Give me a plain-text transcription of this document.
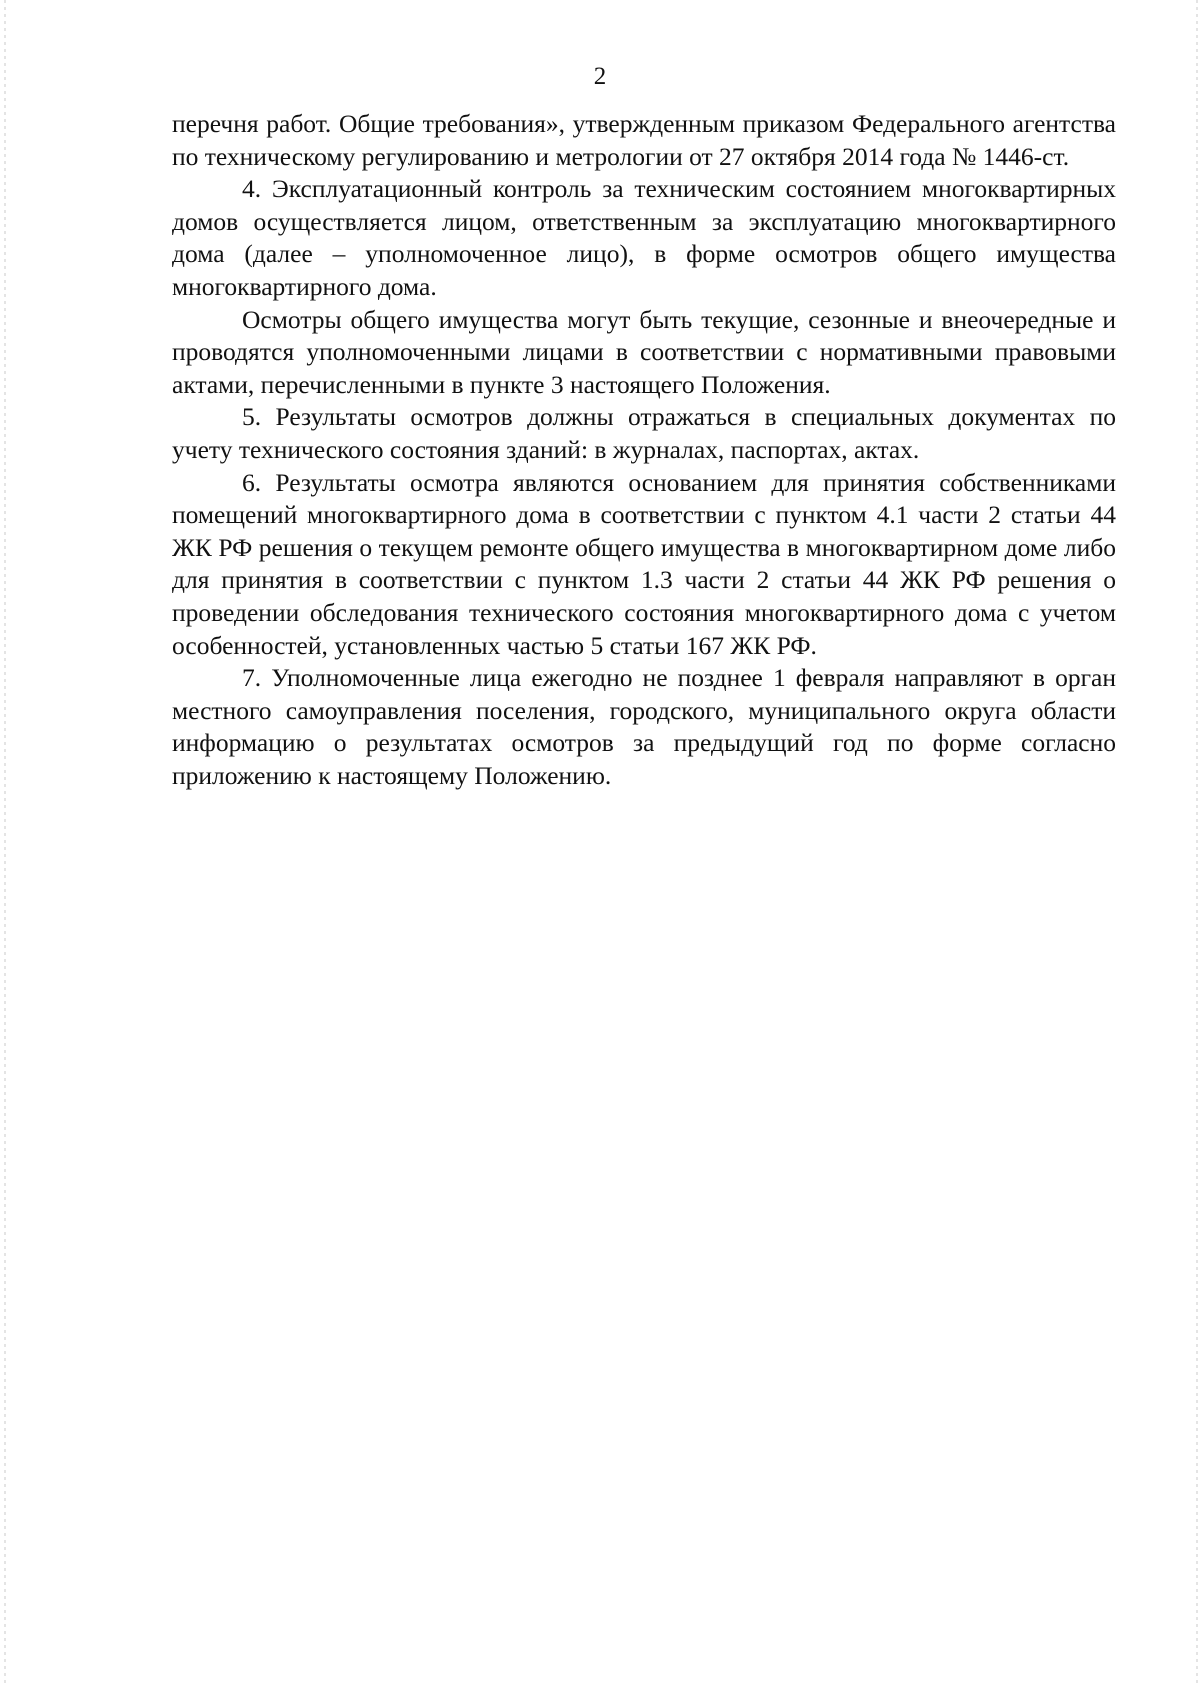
2

перечня работ. Общие требования», утвержденным приказом Федерального агентства по техническому регулированию и метрологии от 27 октября 2014 года № 1446-ст.

4. Эксплуатационный контроль за техническим состоянием многоквартирных домов осуществляется лицом, ответственным за эксплуатацию многоквартирного дома (далее – уполномоченное лицо), в форме осмотров общего имущества многоквартирного дома.

Осмотры общего имущества могут быть текущие, сезонные и внеочередные и проводятся уполномоченными лицами в соответствии с нормативными правовыми актами, перечисленными в пункте 3 настоящего Положения.

5. Результаты осмотров должны отражаться в специальных документах по учету технического состояния зданий: в журналах, паспортах, актах.

6. Результаты осмотра являются основанием для принятия собственниками помещений многоквартирного дома в соответствии с пунктом 4.1 части 2 статьи 44 ЖК РФ решения о текущем ремонте общего имущества в многоквартирном доме либо для принятия в соответствии с пунктом 1.3 части 2 статьи 44 ЖК РФ решения о проведении обследования технического состояния многоквартирного дома с учетом особенностей, установленных частью 5 статьи 167 ЖК РФ.

7. Уполномоченные лица ежегодно не позднее 1 февраля направляют в орган местного самоуправления поселения, городского, муниципального округа области информацию о результатах осмотров за предыдущий год по форме согласно приложению к настоящему Положению.
